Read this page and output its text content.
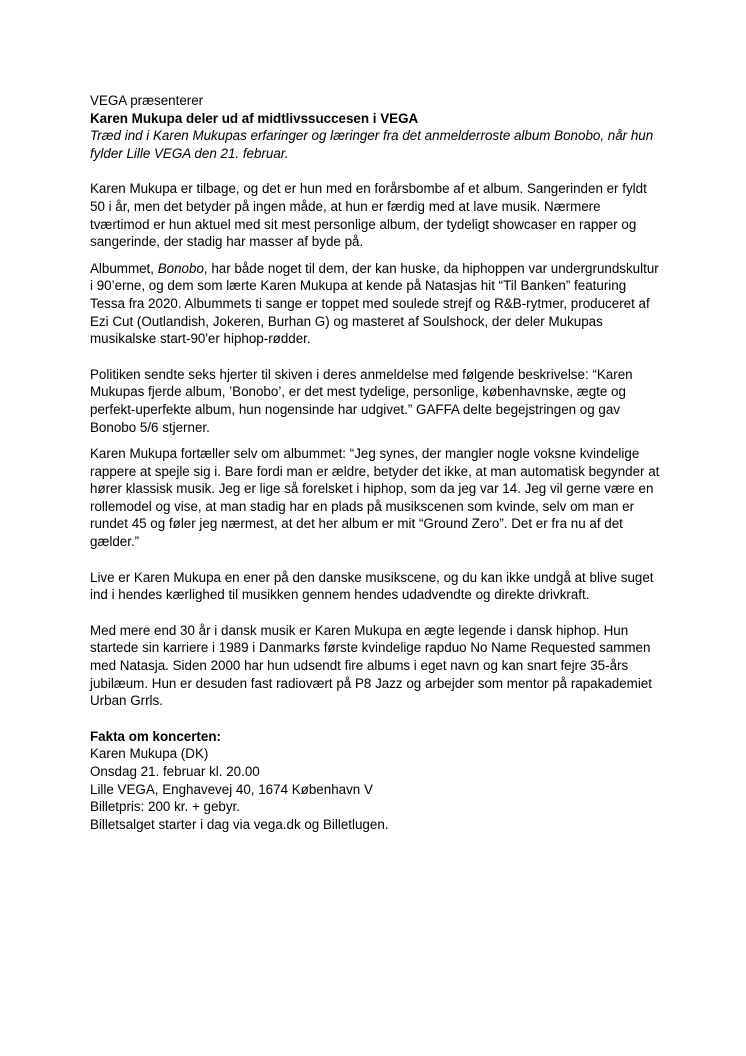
VEGA præsenterer

Karen Mukupa deler ud af midtlivssuccesen i VEGA

Træd ind i Karen Mukupas erfaringer og læringer fra det anmelderroste album Bonobo, når hun fylder Lille VEGA den 21. februar.

Karen Mukupa er tilbage, og det er hun med en forårsbombe af et album. Sangerinden er fyldt 50 i år, men det betyder på ingen måde, at hun er færdig med at lave musik. Nærmere tværtimod er hun aktuel med sit mest personlige album, der tydeligt showcaser en rapper og sangerinde, der stadig har masser af byde på.

Albummet, Bonobo, har både noget til dem, der kan huske, da hiphoppen var undergrundskultur i 90’erne, og dem som lærte Karen Mukupa at kende på Natasjas hit “Til Banken” featuring Tessa fra 2020. Albummets ti sange er toppet med soulede strejf og R&B-rytmer, produceret af Ezi Cut (Outlandish, Jokeren, Burhan G) og masteret af Soulshock, der deler Mukupas musikalske start-90'er hiphop-rødder.

Politiken sendte seks hjerter til skiven i deres anmeldelse med følgende beskrivelse: “Karen Mukupas fjerde album, ’Bonobo’, er det mest tydelige, personlige, københavnske, ægte og perfekt-uperfekte album, hun nogensinde har udgivet.” GAFFA delte begejstringen og gav Bonobo 5/6 stjerner.

Karen Mukupa fortæller selv om albummet: “Jeg synes, der mangler nogle voksne kvindelige rappere at spejle sig i. Bare fordi man er ældre, betyder det ikke, at man automatisk begynder at hører klassisk musik. Jeg er lige så forelsket i hiphop, som da jeg var 14. Jeg vil gerne være en rollemodel og vise, at man stadig har en plads på musikscenen som kvinde, selv om man er rundet 45 og føler jeg nærmest, at det her album er mit “Ground Zero”. Det er fra nu af det gælder.”

Live er Karen Mukupa en ener på den danske musikscene, og du kan ikke undgå at blive suget ind i hendes kærlighed til musikken gennem hendes udadvendte og direkte drivkraft.

Med mere end 30 år i dansk musik er Karen Mukupa en ægte legende i dansk hiphop. Hun startede sin karriere i 1989 i Danmarks første kvindelige rapduo No Name Requested sammen med Natasja. Siden 2000 har hun udsendt fire albums i eget navn og kan snart fejre 35-års jubilæum. Hun er desuden fast radiovært på P8 Jazz og arbejder som mentor på rapakademiet Urban Grrls.

Fakta om koncerten:

Karen Mukupa (DK)

Onsdag 21. februar kl. 20.00

Lille VEGA, Enghavevej 40, 1674 København V

Billetpris: 200 kr. + gebyr.

Billetsalget starter i dag via vega.dk og Billetlugen.
